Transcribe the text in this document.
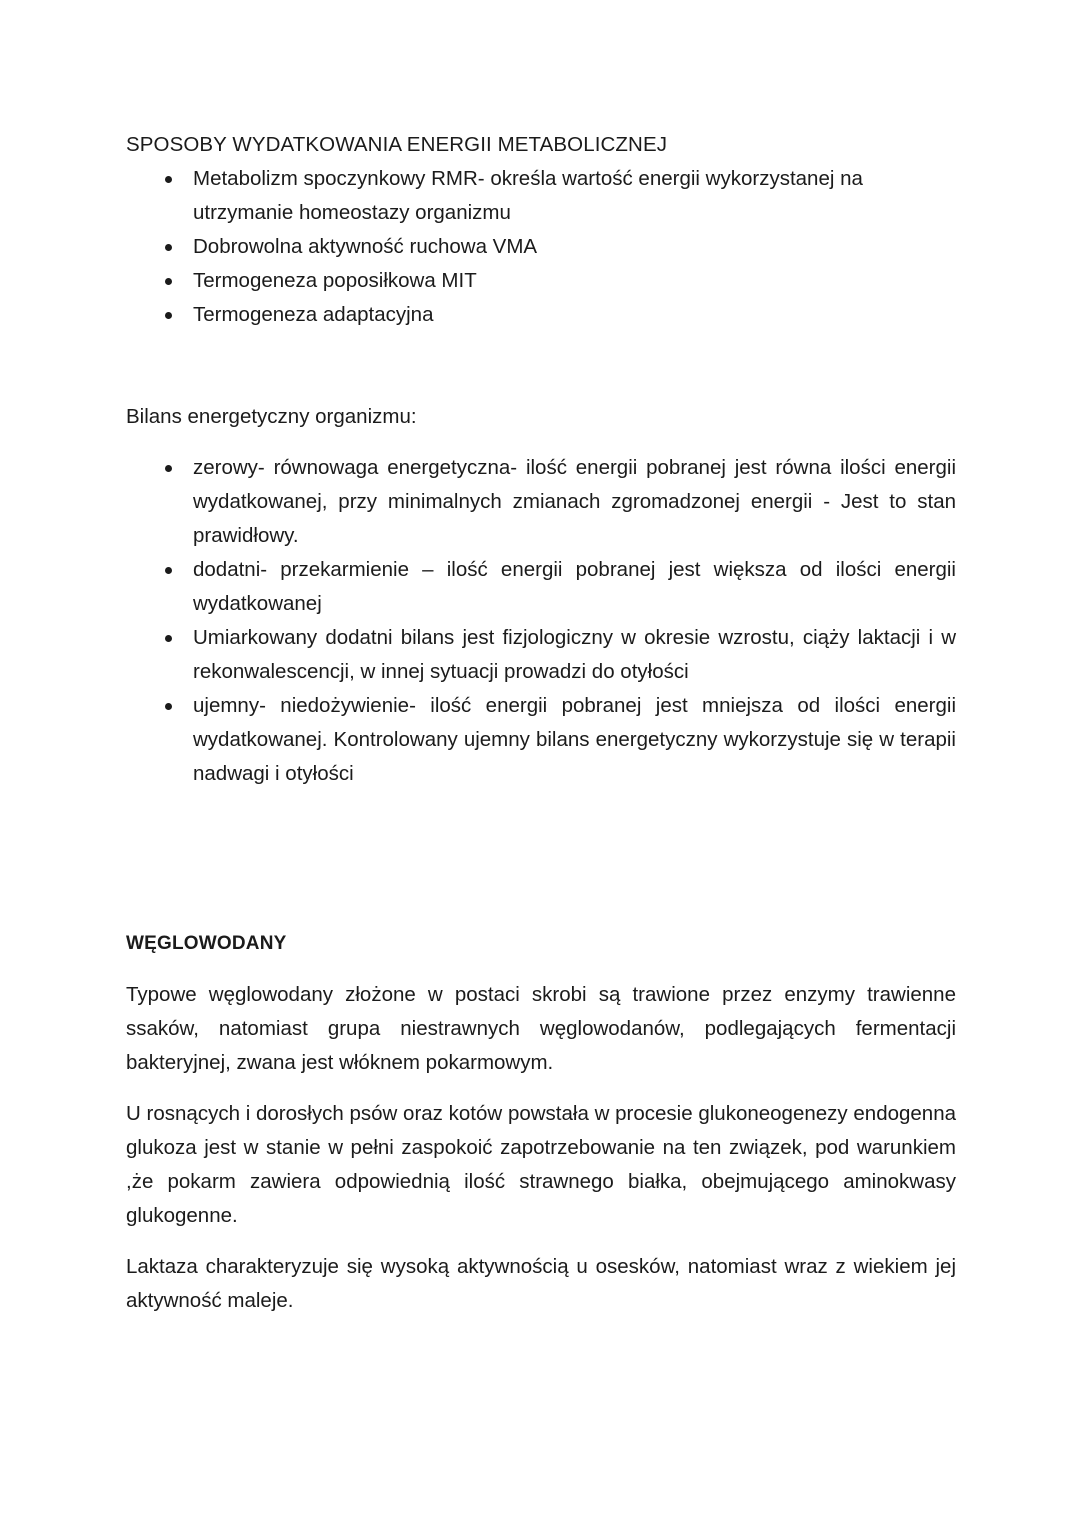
SPOSOBY WYDATKOWANIA ENERGII METABOLICZNEJ
Metabolizm spoczynkowy RMR- określa wartość energii wykorzystanej na utrzymanie homeostazy organizmu
Dobrowolna aktywność ruchowa VMA
Termogeneza poposiłkowa MIT
Termogeneza adaptacyjna

Bilans energetyczny organizmu:

zerowy- równowaga energetyczna- ilość energii pobranej jest równa ilości energii wydatkowanej, przy minimalnych zmianach zgromadzonej energii - Jest to stan prawidłowy.
dodatni- przekarmienie – ilość energii pobranej jest większa od ilości energii wydatkowanej
Umiarkowany dodatni bilans jest fizjologiczny w okresie wzrostu, ciąży laktacji i w rekonwalescencji, w innej sytuacji prowadzi do otyłości
ujemny- niedożywienie- ilość energii pobranej jest mniejsza od ilości energii wydatkowanej. Kontrolowany ujemny bilans energetyczny wykorzystuje się w terapii nadwagi i otyłości
WĘGLOWODANY

Typowe węglowodany złożone w postaci skrobi są trawione przez enzymy trawienne ssaków, natomiast grupa niestrawnych węglowodanów, podlegających fermentacji bakteryjnej, zwana jest włóknem pokarmowym.

U rosnących i dorosłych psów oraz kotów powstała w procesie glukoneogenezy endogenna glukoza jest w stanie w pełni zaspokoić zapotrzebowanie na ten związek, pod warunkiem ,że pokarm zawiera odpowiednią ilość strawnego białka, obejmującego aminokwasy glukogenne.

Laktaza charakteryzuje się wysoką aktywnością u osesków, natomiast wraz z wiekiem jej aktywność maleje.
